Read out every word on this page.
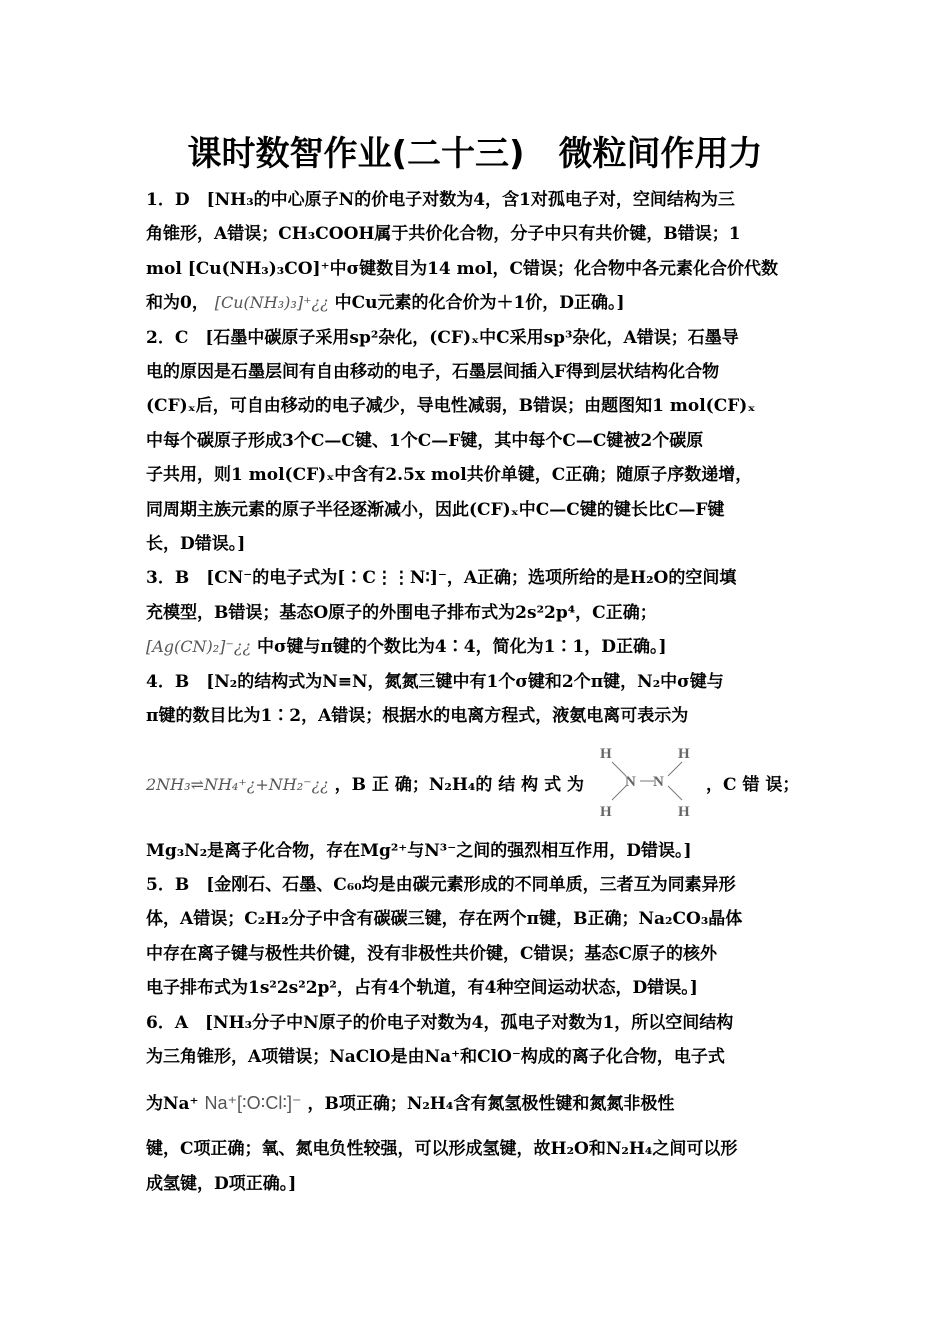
课时数智作业(二十三)　微粒间作用力
1．D　[NH₃的中心原子N的价电子对数为4，含1对孤电子对，空间结构为三
角锥形，A错误；CH₃COOH属于共价化合物，分子中只有共价键，B错误；1
mol [Cu(NH₃)₃CO]⁺中σ键数目为14 mol，C错误；化合物中各元素化合价代数
和为0， [Cu(NH₃)₃]⁺¿¿ 中Cu元素的化合价为＋1价，D正确。]
2．C　[石墨中碳原子采用sp²杂化，(CF)ₓ中C采用sp³杂化，A错误；石墨导
电的原因是石墨层间有自由移动的电子，石墨层间插入F得到层状结构化合物
(CF)ₓ后，可自由移动的电子减少，导电性减弱，B错误；由题图知1 mol(CF)ₓ
中每个碳原子形成3个C—C键、1个C—F键，其中每个C—C键被2个碳原
子共用，则1 mol(CF)ₓ中含有2.5x mol共价单键，C正确；随原子序数递增，
同周期主族元素的原子半径逐渐减小，因此(CF)ₓ中C—C键的键长比C—F键
长，D错误。]
3．B　[CN⁻的电子式为[∶C⋮⋮N∶]⁻，A正确；选项所给的是H₂O的空间填
充模型，B错误；基态O原子的外围电子排布式为2s²2p⁴，C正确；
[Ag(CN)₂]⁻¿¿ 中σ键与π键的个数比为4∶4，简化为1∶1，D正确。]
4．B　[N₂的结构式为N≡N，氮氮三键中有1个σ键和2个π键，N₂中σ键与
π键的数目比为1∶2，A错误；根据水的电离方程式，液氨电离可表示为
2NH₃⇌NH₄⁺¿+NH₂⁻¿¿ ，B 正 确；N₂H₄的 结 构 式 为
H	H
N N
H	H
，C 错 误；
Mg₃N₂是离子化合物，存在Mg²⁺与N³⁻之间的强烈相互作用，D错误。]
5．B　[金刚石、石墨、C₆₀均是由碳元素形成的不同单质，三者互为同素异形
体，A错误；C₂H₂分子中含有碳碳三键，存在两个π键，B正确；Na₂CO₃晶体
中存在离子键与极性共价键，没有非极性共价键，C错误；基态C原子的核外
电子排布式为1s²2s²2p²，占有4个轨道，有4种空间运动状态，D错误。]
6．A　[NH₃分子中N原子的价电子对数为4，孤电子对数为1，所以空间结构
为三角锥形，A项错误；NaClO是由Na⁺和ClO⁻构成的离子化合物，电子式
为Na⁺ Na⁺[∶O∶Cl∶]⁻ ，B项正确；N₂H₄含有氮氢极性键和氮氮非极性
键，C项正确；氧、氮电负性较强，可以形成氢键，故H₂O和N₂H₄之间可以形
成氢键，D项正确。]
